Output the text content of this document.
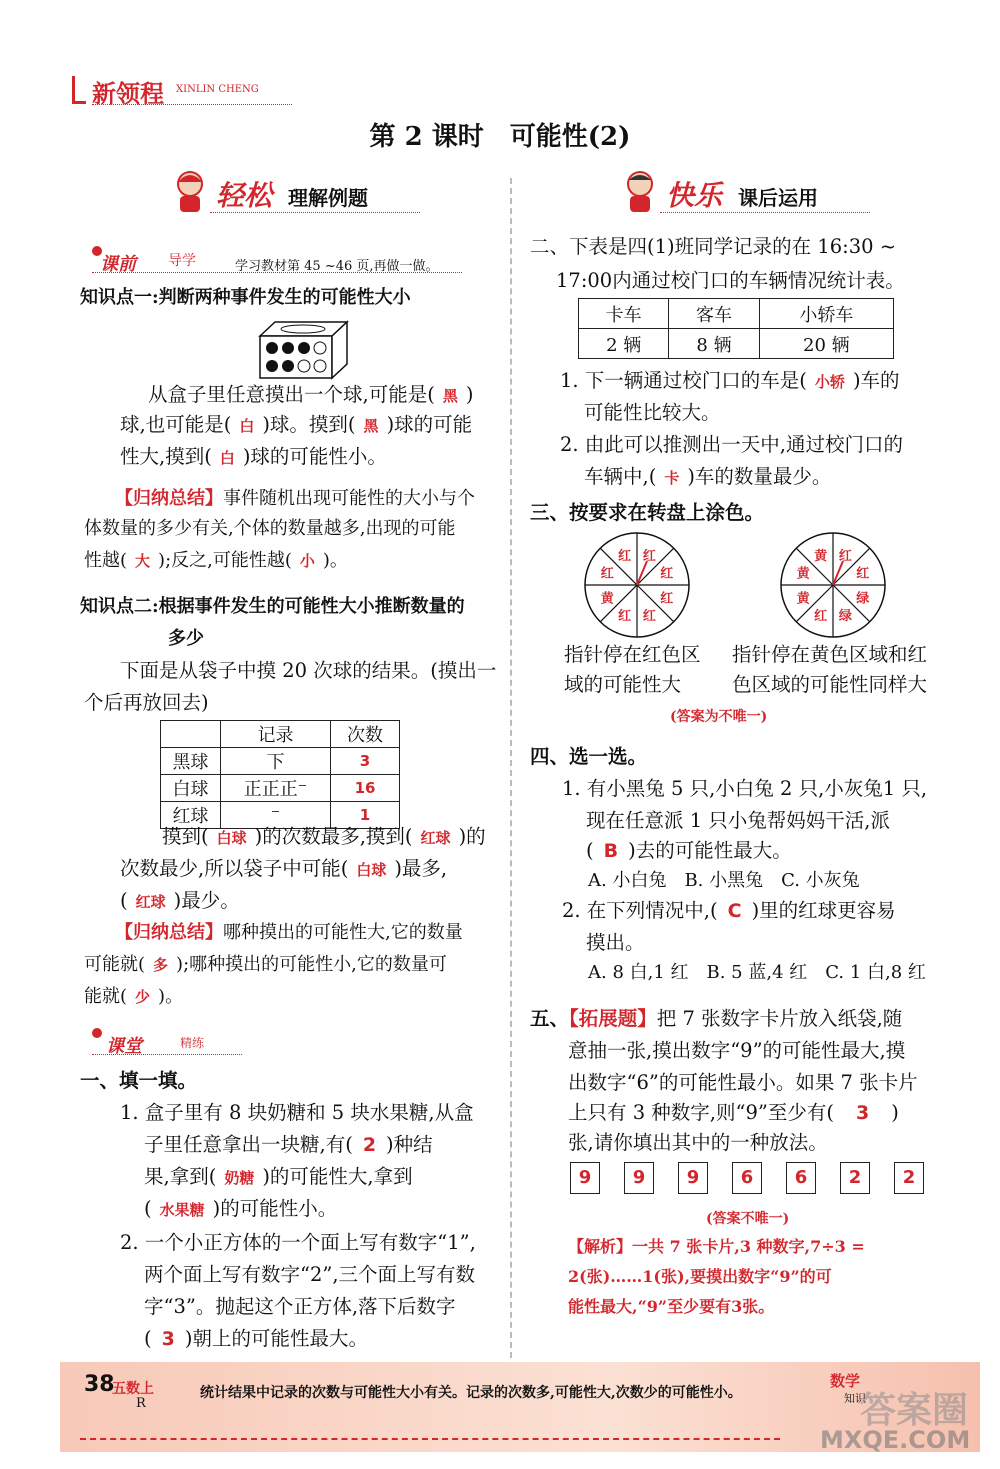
新领程 XINLIN CHENG
第 2 课时　可能性(2)
轻松 理解例题	快乐 课后运用
课前 导学	学习教材第 45 ~46 页,再做一做。
知识点一:判断两种事件发生的可能性大小
从盒子里任意摸出一个球,可能是( 黑 )
球,也可能是( 白 )球。摸到( 黑 )球的可能
性大,摸到( 白 )球的可能性小。
【归纳总结】事件随机出现可能性的大小与个
体数量的多少有关,个体的数量越多,出现的可能
性越( 大 );反之,可能性越( 小 )。
知识点二:根据事件发生的可能性大小推断数量的
多少
下面是从袋子中摸 20 次球的结果。(摸出一
个后再放回去)
	记录	次数
黑球	下	3
白球	正正正⁻	16
红球	⁻	1
摸到( 白球 )的次数最多,摸到( 红球 )的
次数最少,所以袋子中可能( 白球 )最多,
( 红球 )最少。
【归纳总结】哪种摸出的可能性大,它的数量
可能就( 多 );哪种摸出的可能性小,它的数量可
能就( 少 )。
课堂	精练
一、填一填。
1. 盒子里有 8 块奶糖和 5 块水果糖,从盒
子里任意拿出一块糖,有( 2 )种结
果,拿到( 奶糖 )的可能性大,拿到
( 水果糖 )的可能性小。
2. 一个小正方体的一个面上写有数字“1”,
两个面上写有数字“2”,三个面上写有数
字“3”。抛起这个正方体,落下后数字
( 3 )朝上的可能性最大。
二、下表是四(1)班同学记录的在 16:30 ~
17:00内通过校门口的车辆情况统计表。
卡车	客车	小轿车
2 辆	8 辆	20 辆
1. 下一辆通过校门口的车是( 小轿 )车的
可能性比较大。
2. 由此可以推测出一天中,通过校门口的
车辆中,( 卡 )车的数量最少。
三、按要求在转盘上涂色。
红
红
红
红
红
黄
红
红	红
红
绿
绿
红
黄
黄
黄
指针停在红色区
域的可能性大
指针停在黄色区域和红
色区域的可能性同样大
(答案为不唯一)
四、选一选。
1. 有小黑兔 5 只,小白兔 2 只,小灰兔1 只,
现在任意派 1 只小兔帮妈妈干活,派
( B )去的可能性最大。
A. 小白兔　B. 小黑兔　C. 小灰兔
2. 在下列情况中,( C )里的红球更容易
摸出。
A. 8 白,1 红　B. 5 蓝,4 红　C. 1 白,8 红
五、【拓展题】把 7 张数字卡片放入纸袋,随
意抽一张,摸出数字“9”的可能性最大,摸
出数字“6”的可能性最小。如果 7 张卡片
上只有 3 种数字,则“9”至少有( 3 )
张,请你填出其中的一种放法。
9	9	9	6	6	2	2
(答案不唯一)
【解析】一共 7 张卡片,3 种数字,7÷3 =
2(张)……1(张),要摸出数字“9”的可
能性最大,“9”至少要有3张。
38
五数上
R
统计结果中记录的次数与可能性大小有关。记录的次数多,可能性大,次数少的可能性小。
数学
知识
答案圈
MXQE.COM
